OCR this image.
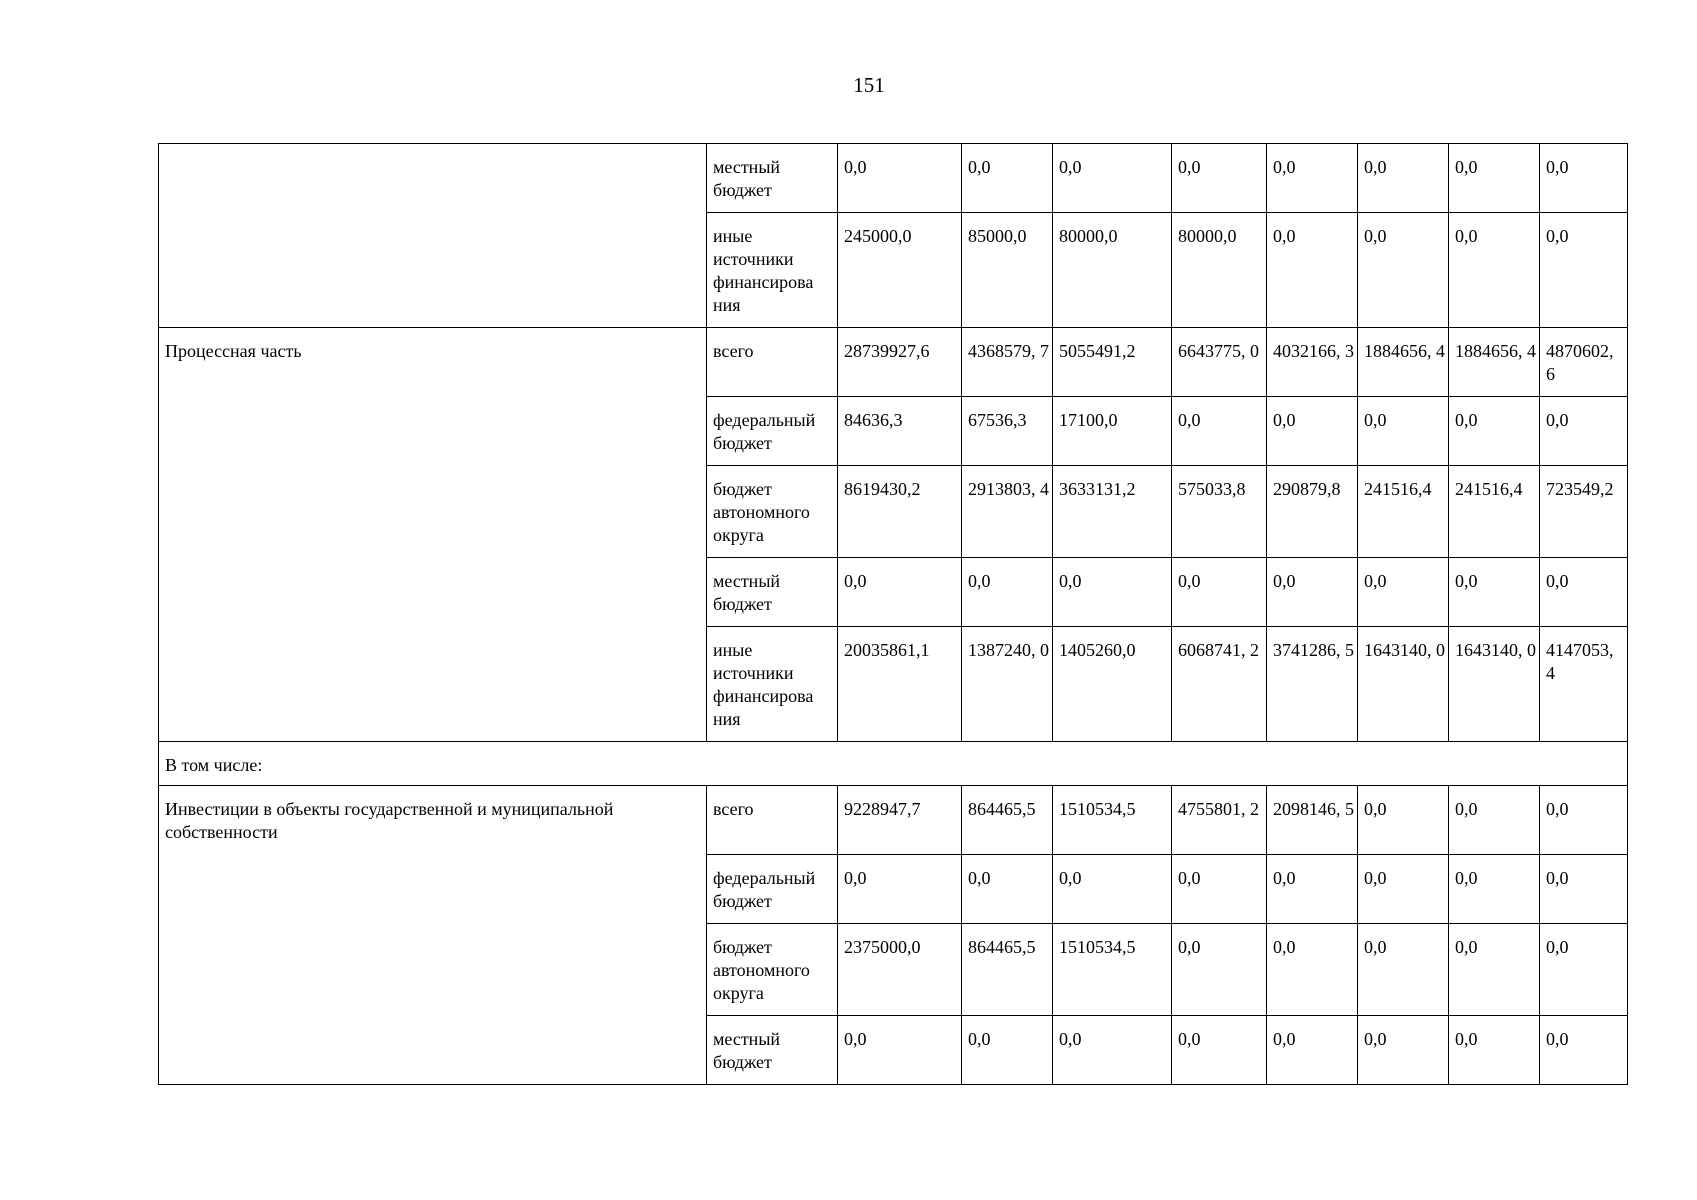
151
	местный бюджет	0,0	0,0	0,0	0,0	0,0	0,0	0,0	0,0
	иные источники финансирова ния	245000,0	85000,0	80000,0	80000,0	0,0	0,0	0,0	0,0
Процессная часть	всего	28739927,6	4368579, 7	5055491,2	6643775, 0	4032166, 3	1884656, 4	1884656, 4	4870602, 6
	федеральный бюджет	84636,3	67536,3	17100,0	0,0	0,0	0,0	0,0	0,0
	бюджет автономного округа	8619430,2	2913803, 4	3633131,2	575033,8	290879,8	241516,4	241516,4	723549,2
	местный бюджет	0,0	0,0	0,0	0,0	0,0	0,0	0,0	0,0
	иные источники финансирова ния	20035861,1	1387240, 0	1405260,0	6068741, 2	3741286, 5	1643140, 0	1643140, 0	4147053, 4
В том числе:									
Инвестиции в объекты государственной и муниципальной собственности	всего	9228947,7	864465,5	1510534,5	4755801, 2	2098146, 5	0,0	0,0	0,0
	федеральный бюджет	0,0	0,0	0,0	0,0	0,0	0,0	0,0	0,0
	бюджет автономного округа	2375000,0	864465,5	1510534,5	0,0	0,0	0,0	0,0	0,0
	местный бюджет	0,0	0,0	0,0	0,0	0,0	0,0	0,0	0,0
